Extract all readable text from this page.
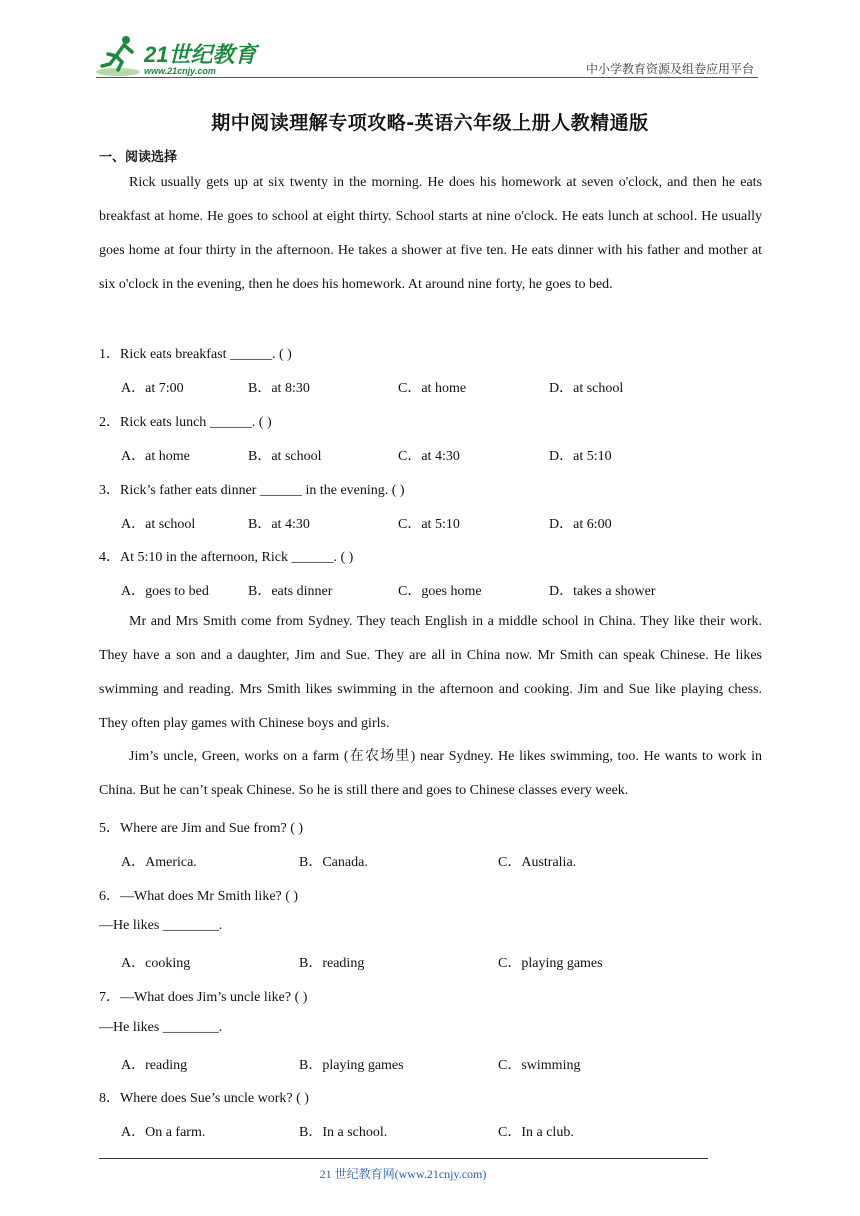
21世纪教育
www.21cnjy.com	中小学教育资源及组卷应用平台
期中阅读理解专项攻略-英语六年级上册人教精通版
一、阅读选择
Rick usually gets up at six twenty in the morning. He does his homework at seven o'clock, and then he eats breakfast at home. He goes to school at eight thirty. School starts at nine o'clock. He eats lunch at school. He usually goes home at four thirty in the afternoon. He takes a shower at five ten. He eats dinner with his father and mother at six o'clock in the evening, then he does his homework. At around nine forty, he goes to bed.
1．Rick eats breakfast ______. ( )
A．at 7:00	B．at 8:30	C．at home	D．at school
2．Rick eats lunch ______. ( )
A．at home	B．at school	C．at 4:30	D．at 5:10
3．Rick’s father eats dinner ______ in the evening. ( )
A．at school	B．at 4:30	C．at 5:10	D．at 6:00
4．At 5:10 in the afternoon, Rick ______. ( )
A．goes to bed	B．eats dinner	C．goes home	D．takes a shower
Mr and Mrs Smith come from Sydney. They teach English in a middle school in China. They like their work. They have a son and a daughter, Jim and Sue. They are all in China now. Mr Smith can speak Chinese. He likes swimming and reading. Mrs Smith likes swimming in the afternoon and cooking. Jim and Sue like playing chess. They often play games with Chinese boys and girls.
Jim’s uncle, Green, works on a farm (在农场里) near Sydney. He likes swimming, too. He wants to work in China. But he can’t speak Chinese. So he is still there and goes to Chinese classes every week.
5．Where are Jim and Sue from? ( )
A．America.	B．Canada.	C．Australia.
6．—What does Mr Smith like? ( )
—He likes ________.
A．cooking	B．reading	C．playing games
7．—What does Jim’s uncle like? ( )
—He likes ________.
A．reading	B．playing games	C．swimming
8．Where does Sue’s uncle work? ( )
A．On a farm.	B．In a school.	C．In a club.
21 世纪教育网(www.21cnjy.com)
